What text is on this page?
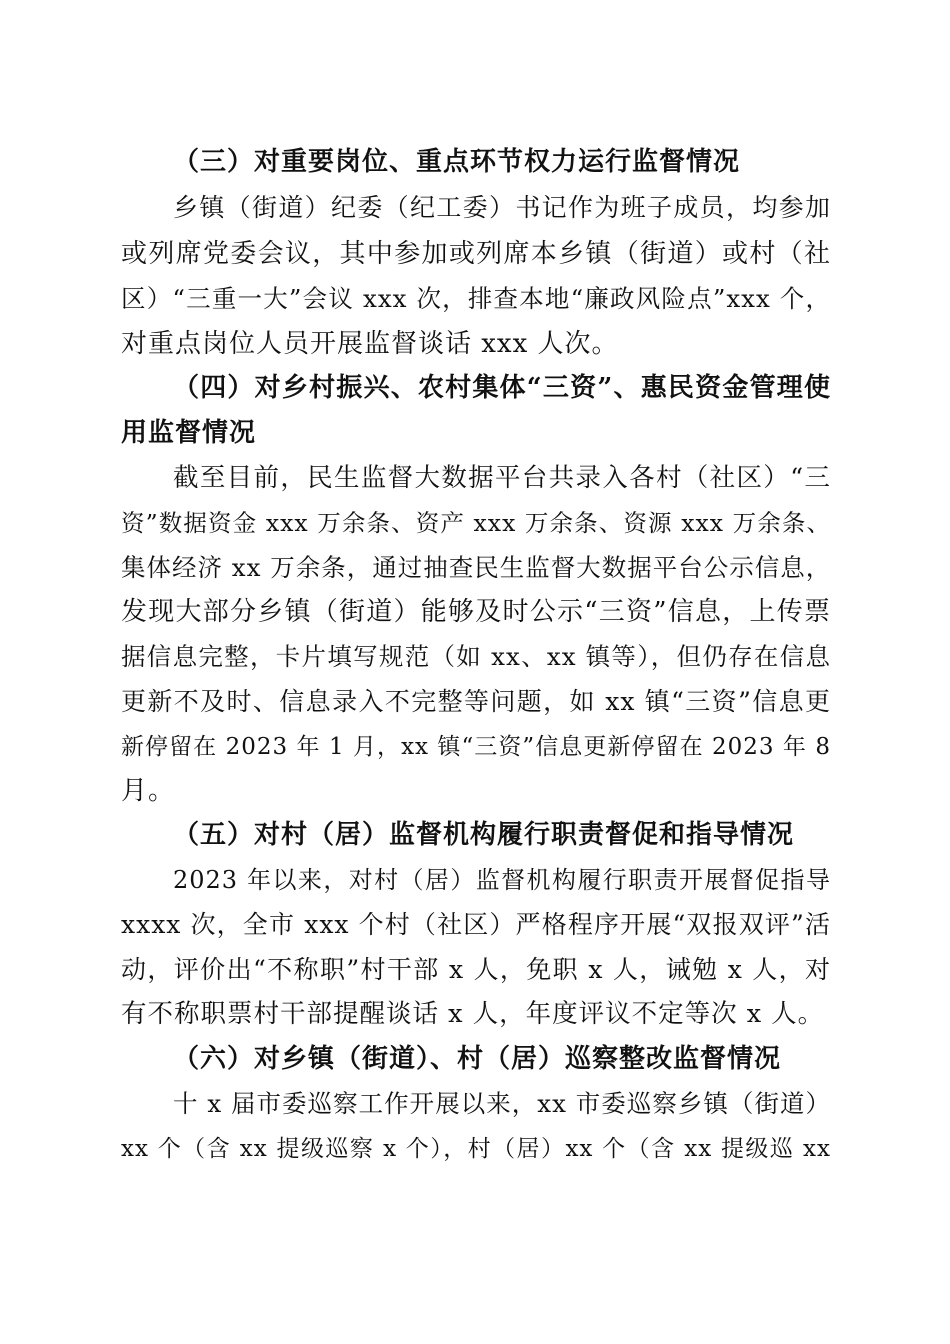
（三）对重要岗位、重点环节权力运行监督情况
乡镇（街道）纪委（纪工委）书记作为班子成员，均参加
或列席党委会议，其中参加或列席本乡镇（街道）或村（社
区）“三重一大”会议 xxx 次，排查本地“廉政风险点”xxx 个，
对重点岗位人员开展监督谈话 xxx 人次。
（四）对乡村振兴、农村集体“三资”、惠民资金管理使
用监督情况
截至目前，民生监督大数据平台共录入各村（社区）“三
资”数据资金 xxx 万余条、资产 xxx 万余条、资源 xxx 万余条、
集体经济 xx 万余条，通过抽查民生监督大数据平台公示信息，
发现大部分乡镇（街道）能够及时公示“三资”信息，上传票
据信息完整，卡片填写规范（如 xx、xx 镇等），但仍存在信息
更新不及时、信息录入不完整等问题，如 xx 镇“三资”信息更
新停留在 2023 年 1 月，xx 镇“三资”信息更新停留在 2023 年 8
月。
（五）对村（居）监督机构履行职责督促和指导情况
2023 年以来，对村（居）监督机构履行职责开展督促指导
xxxx 次，全市 xxx 个村（社区）严格程序开展“双报双评”活
动，评价出“不称职”村干部 x 人，免职 x 人，诫勉 x 人，对
有不称职票村干部提醒谈话 x 人，年度评议不定等次 x 人。
（六）对乡镇（街道）、村（居）巡察整改监督情况
十 x 届市委巡察工作开展以来，xx 市委巡察乡镇（街道）
xx 个（含 xx 提级巡察 x 个），村（居）xx 个（含 xx 提级巡 xx
